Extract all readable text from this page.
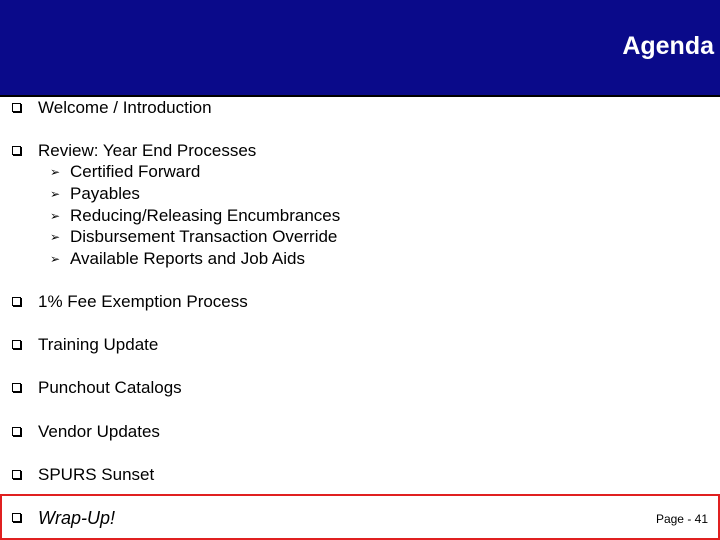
Agenda
Welcome / Introduction
Review: Year End Processes
➢ Certified Forward
➢ Payables
➢ Reducing/Releasing Encumbrances
➢ Disbursement Transaction Override
➢ Available Reports and Job Aids
1% Fee Exemption Process
Training Update
Punchout Catalogs
Vendor Updates
SPURS Sunset
Wrap-Up!	Page - 41
